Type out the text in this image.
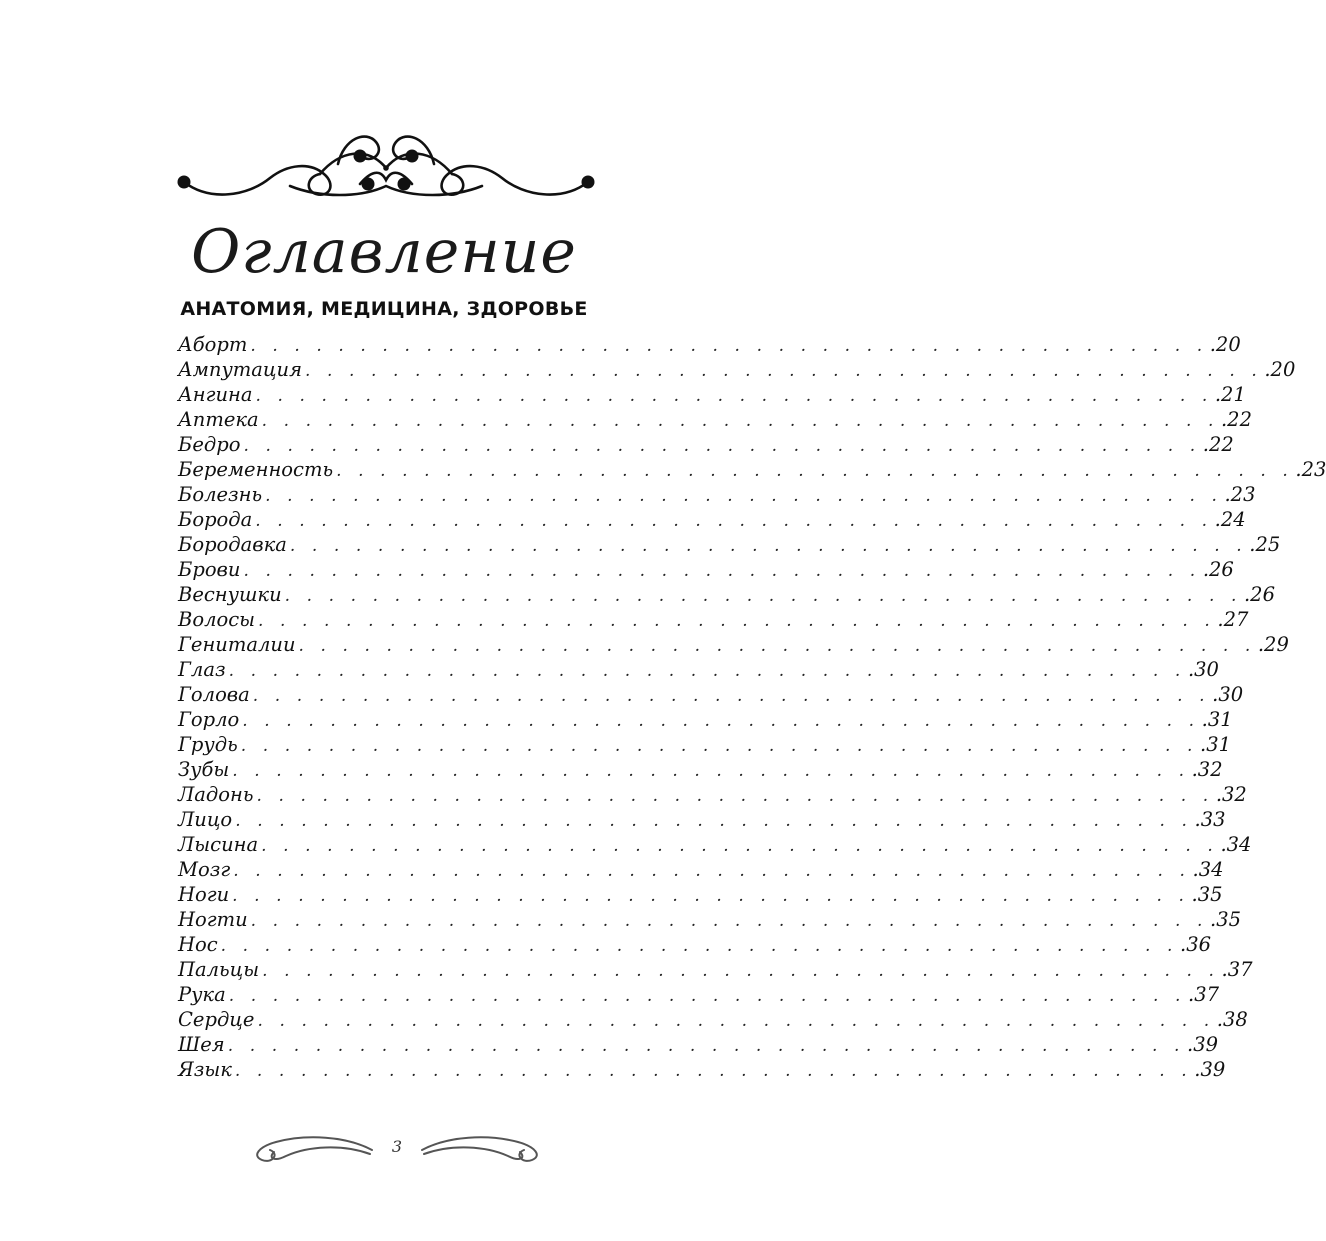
Оглавление
АНАТОМИЯ, МЕДИЦИНА, ЗДОРОВЬЕ
Аборт . . . . . . . . . . . . . . . . . . . . . . . . . . . . . . . . . . . . . . . . . . . . .20
Ампутация . . . . . . . . . . . . . . . . . . . . . . . . . . . . . . . . . . . . . . . . . . . . .20
Ангина . . . . . . . . . . . . . . . . . . . . . . . . . . . . . . . . . . . . . . . . . . . . .21
Аптека . . . . . . . . . . . . . . . . . . . . . . . . . . . . . . . . . . . . . . . . . . . . .22
Бедро . . . . . . . . . . . . . . . . . . . . . . . . . . . . . . . . . . . . . . . . . . . . .22
Беременность . . . . . . . . . . . . . . . . . . . . . . . . . . . . . . . . . . . . . . . . . . . . .23
Болезнь . . . . . . . . . . . . . . . . . . . . . . . . . . . . . . . . . . . . . . . . . . . . .23
Борода . . . . . . . . . . . . . . . . . . . . . . . . . . . . . . . . . . . . . . . . . . . . .24
Бородавка . . . . . . . . . . . . . . . . . . . . . . . . . . . . . . . . . . . . . . . . . . . . .25
Брови . . . . . . . . . . . . . . . . . . . . . . . . . . . . . . . . . . . . . . . . . . . . .26
Веснушки . . . . . . . . . . . . . . . . . . . . . . . . . . . . . . . . . . . . . . . . . . . . .26
Волосы . . . . . . . . . . . . . . . . . . . . . . . . . . . . . . . . . . . . . . . . . . . . .27
Гениталии . . . . . . . . . . . . . . . . . . . . . . . . . . . . . . . . . . . . . . . . . . . . .29
Глаз . . . . . . . . . . . . . . . . . . . . . . . . . . . . . . . . . . . . . . . . . . . . .30
Голова . . . . . . . . . . . . . . . . . . . . . . . . . . . . . . . . . . . . . . . . . . . . .30
Горло . . . . . . . . . . . . . . . . . . . . . . . . . . . . . . . . . . . . . . . . . . . . .31
Грудь . . . . . . . . . . . . . . . . . . . . . . . . . . . . . . . . . . . . . . . . . . . . .31
Зубы . . . . . . . . . . . . . . . . . . . . . . . . . . . . . . . . . . . . . . . . . . . . .32
Ладонь . . . . . . . . . . . . . . . . . . . . . . . . . . . . . . . . . . . . . . . . . . . . .32
Лицо . . . . . . . . . . . . . . . . . . . . . . . . . . . . . . . . . . . . . . . . . . . . .33
Лысина . . . . . . . . . . . . . . . . . . . . . . . . . . . . . . . . . . . . . . . . . . . . .34
Мозг . . . . . . . . . . . . . . . . . . . . . . . . . . . . . . . . . . . . . . . . . . . . .34
Ноги . . . . . . . . . . . . . . . . . . . . . . . . . . . . . . . . . . . . . . . . . . . . .35
Ногти . . . . . . . . . . . . . . . . . . . . . . . . . . . . . . . . . . . . . . . . . . . . .35
Нос . . . . . . . . . . . . . . . . . . . . . . . . . . . . . . . . . . . . . . . . . . . . .36
Пальцы . . . . . . . . . . . . . . . . . . . . . . . . . . . . . . . . . . . . . . . . . . . . .37
Рука . . . . . . . . . . . . . . . . . . . . . . . . . . . . . . . . . . . . . . . . . . . . .37
Сердце . . . . . . . . . . . . . . . . . . . . . . . . . . . . . . . . . . . . . . . . . . . . .38
Шея . . . . . . . . . . . . . . . . . . . . . . . . . . . . . . . . . . . . . . . . . . . . .39
Язык . . . . . . . . . . . . . . . . . . . . . . . . . . . . . . . . . . . . . . . . . . . . .39
3
